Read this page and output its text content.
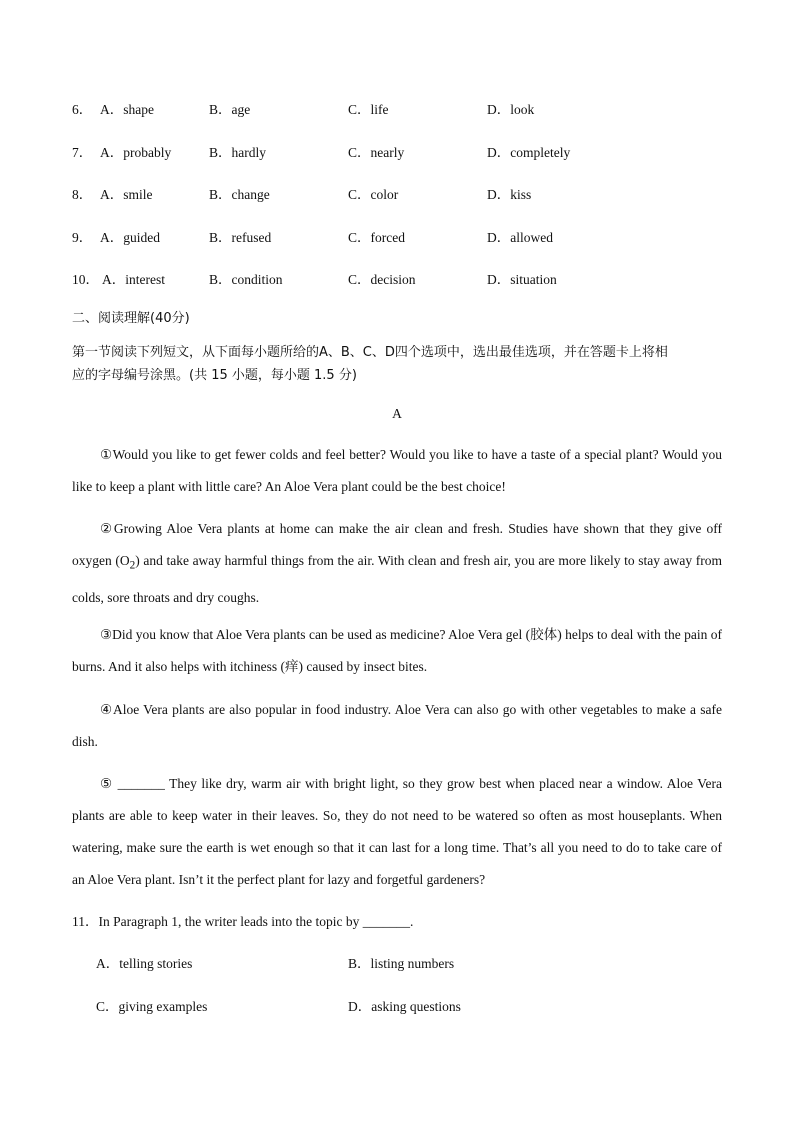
6． A．shape	B．age	C．life	D．look
7． A．probably	B．hardly	C．nearly	D．completely
8． A．smile	B．change	C．color	D．kiss
9． A．guided	B．refused	C．forced	D．allowed
10． A．interest	B．condition	C．decision	D．situation
二、阅读理解(40分)
第一节阅读下列短文，从下面每小题所给的A、B、C、D四个选项中，选出最佳选项，并在答题卡上将相
应的字母编号涂黑。(共 15 小题，每小题 1.5 分)
A

①Would you like to get fewer colds and feel better? Would you like to have a taste of a special plant? Would you like to keep a plant with little care? An Aloe Vera plant could be the best choice!

②Growing Aloe Vera plants at home can make the air clean and fresh. Studies have shown that they give off oxygen $(O_2)$ and take away harmful things from the air. With clean and fresh air, you are more likely to stay away from colds, sore throats and dry coughs.

③Did you know that Aloe Vera plants can be used as medicine? Aloe Vera gel (胶体) helps to deal with the pain of burns. And it also helps with itchiness (痒) caused by insect bites.

④Aloe Vera plants are also popular in food industry. Aloe Vera can also go with other vegetables to make a safe dish.

⑤ _______ They like dry, warm air with bright light, so they grow best when placed near a window. Aloe Vera plants are able to keep water in their leaves. So, they do not need to be watered so often as most houseplants. When watering, make sure the earth is wet enough so that it can last for a long time. That’s all you need to do to take care of an Aloe Vera plant. Isn’t it the perfect plant for lazy and forgetful gardeners?

11．In Paragraph 1, the writer leads into the topic by _______.
A．telling stories	B．listing numbers
C．giving examples	D．asking questions
